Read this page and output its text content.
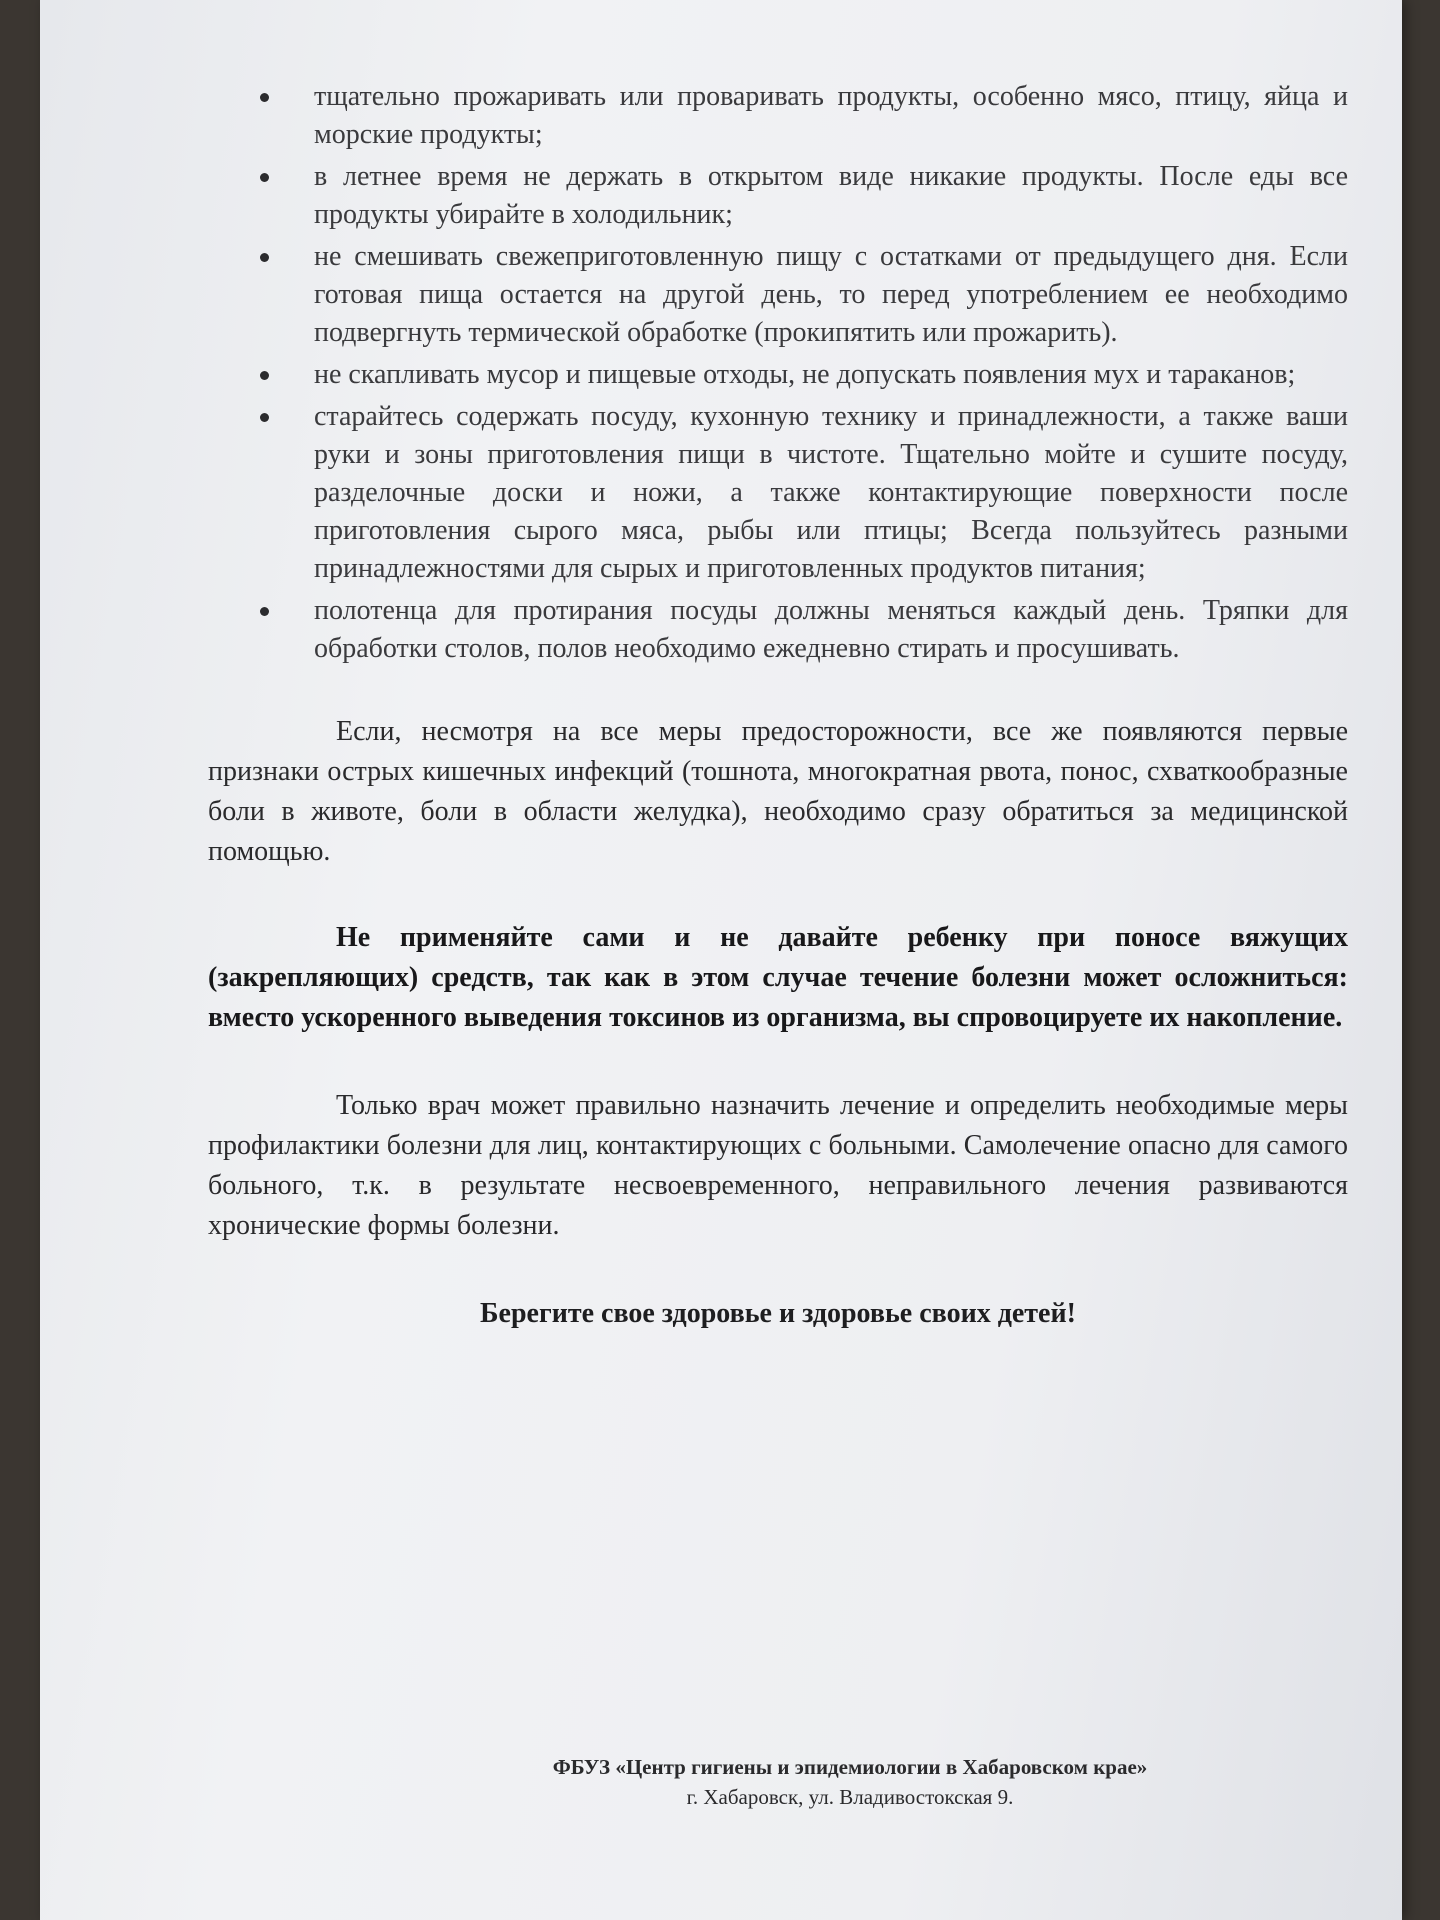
тщательно прожаривать или проваривать продукты, особенно мясо, птицу, яйца и морские продукты;
в летнее время не держать в открытом виде никакие продукты. После еды все продукты убирайте в холодильник;
не смешивать свежеприготовленную пищу с остатками от предыдущего дня. Если готовая пища остается на другой день, то перед употреблением ее необходимо подвергнуть термической обработке (прокипятить или прожарить).
не скапливать мусор и пищевые отходы, не допускать появления мух и тараканов;
старайтесь содержать посуду, кухонную технику и принадлежности, а также ваши руки и зоны приготовления пищи в чистоте. Тщательно мойте и сушите посуду, разделочные доски и ножи, а также контактирующие поверхности после приготовления сырого мяса, рыбы или птицы; Всегда пользуйтесь разными принадлежностями для сырых и приготовленных продуктов питания;
полотенца для протирания посуды должны меняться каждый день. Тряпки для обработки столов, полов необходимо ежедневно стирать и просушивать.

Если, несмотря на все меры предосторожности, все же появляются первые признаки острых кишечных инфекций (тошнота, многократная рвота, понос, схваткообразные боли в животе, боли в области желудка), необходимо сразу обратиться за медицинской помощью.

Не применяйте сами и не давайте ребенку при поносе вяжущих (закрепляющих) средств, так как в этом случае течение болезни может осложниться: вместо ускоренного выведения токсинов из организма, вы спровоцируете их накопление.

Только врач может правильно назначить лечение и определить необходимые меры профилактики болезни для лиц, контактирующих с больными. Самолечение опасно для самого больного, т.к. в результате несвоевременного, неправильного лечения развиваются хронические формы болезни.

Берегите свое здоровье и здоровье своих детей!
ФБУЗ «Центр гигиены и эпидемиологии в Хабаровском крае»
г. Хабаровск, ул. Владивостокская 9.
